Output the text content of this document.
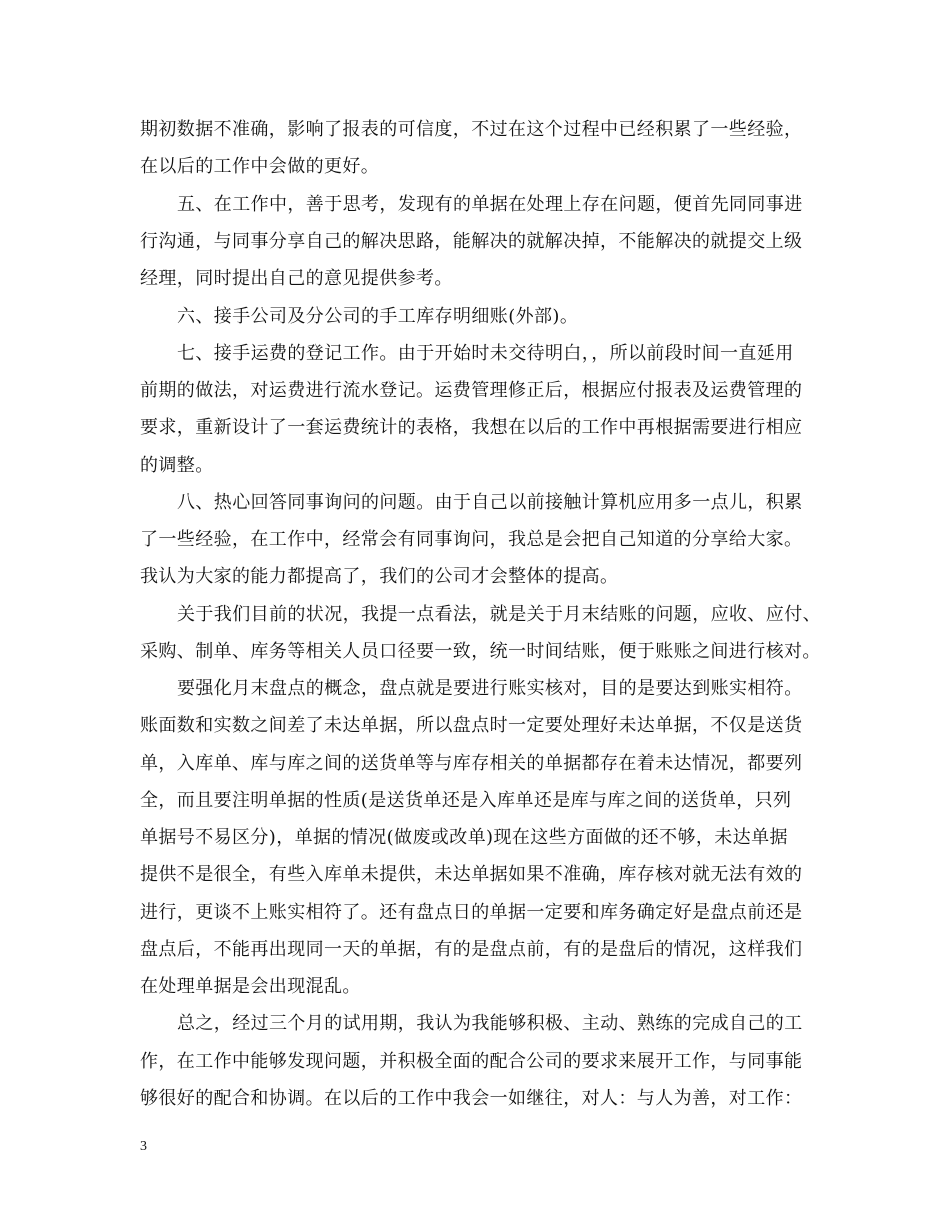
期初数据不准确，影响了报表的可信度，不过在这个过程中已经积累了一些经验，
在以后的工作中会做的更好。
五、在工作中，善于思考，发现有的单据在处理上存在问题，便首先同同事进
行沟通，与同事分享自己的解决思路，能解决的就解决掉，不能解决的就提交上级
经理，同时提出自己的意见提供参考。
六、接手公司及分公司的手工库存明细账(外部)。
七、接手运费的登记工作。由于开始时未交待明白，，所以前段时间一直延用
前期的做法，对运费进行流水登记。运费管理修正后，根据应付报表及运费管理的
要求，重新设计了一套运费统计的表格，我想在以后的工作中再根据需要进行相应
的调整。
八、热心回答同事询问的问题。由于自己以前接触计算机应用多一点儿，积累
了一些经验，在工作中，经常会有同事询问，我总是会把自己知道的分享给大家。
我认为大家的能力都提高了，我们的公司才会整体的提高。
关于我们目前的状况，我提一点看法，就是关于月末结账的问题，应收、应付、
采购、制单、库务等相关人员口径要一致，统一时间结账，便于账账之间进行核对。
要强化月末盘点的概念，盘点就是要进行账实核对，目的是要达到账实相符。
账面数和实数之间差了未达单据，所以盘点时一定要处理好未达单据，不仅是送货
单，入库单、库与库之间的送货单等与库存相关的单据都存在着未达情况，都要列
全，而且要注明单据的性质(是送货单还是入库单还是库与库之间的送货单，只列
单据号不易区分)，单据的情况(做废或改单)现在这些方面做的还不够，未达单据
提供不是很全，有些入库单未提供，未达单据如果不准确，库存核对就无法有效的
进行，更谈不上账实相符了。还有盘点日的单据一定要和库务确定好是盘点前还是
盘点后，不能再出现同一天的单据，有的是盘点前，有的是盘后的情况，这样我们
在处理单据是会出现混乱。
总之，经过三个月的试用期，我认为我能够积极、主动、熟练的完成自己的工
作，在工作中能够发现问题，并积极全面的配合公司的要求来展开工作，与同事能
够很好的配合和协调。在以后的工作中我会一如继往，对人：与人为善，对工作：
3
